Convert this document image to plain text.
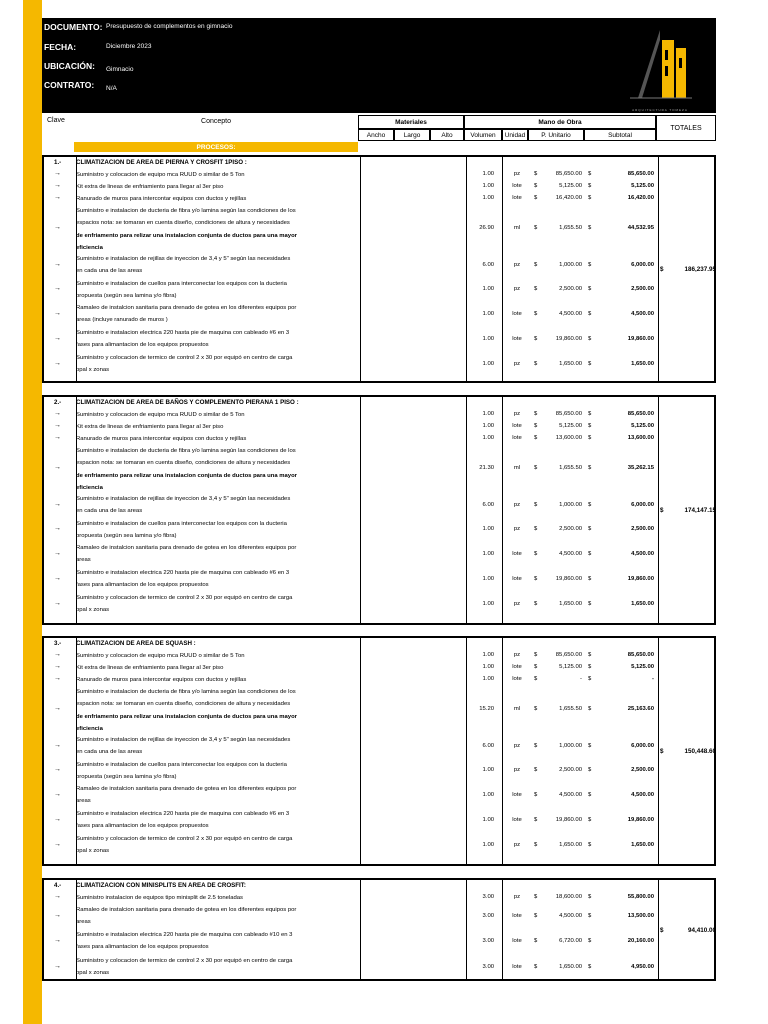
DOCUMENTO: Presupuesto de complementos en gimnacio
FECHA:	Diciembre 2023
UBICACIÓN: Gimnacio
CONTRATO: N/A
ARQUITECTURA TOMEZA
Clave	Concepto	Materiales
Ancho	Largo	Alto
Mano de Obra
Volumen	Unidad	P. Unitario	Subtotal
TOTALES
PROCESOS:
1.- CLIMATIZACION DE AREA DE PIERNA Y CROSFIT 1PISO :
→	Suministro y colocacion de equipo mca RUUD o similar de 5 Ton	1.00	pz	$	85,650.00 $	85,650.00
→	Kit extra de lineas de enfriamiento para llegar al 3er piso	1.00	lote	$	5,125.00 $	5,125.00
→	Ranurado de muros para intercontar equipos con ductos y rejillas	1.00	lote	$	16,420.00 $	16,420.00
→
Suministro e instalacion de ducteria de fibra y/o lamina según las condiciones de los
espacios nota: se tomaran en cuenta diseño, condiciones de altura y necesidades
de enfriamento para relizar una instalacion conjunta de ductos para una mayor
eficiencia
26.90	ml	$	1,655.50 $	44,532.95
→
Suministro e instalacion de rejillas de inyeccion de 3,4 y 5" según las necesidades
en cada una de las areas
6.00	pz	$	1,000.00 $	6,000.00
→
Suministro e instalacion de cuellos para interconectar los equipos con la ducteria
propuesta (según sea lamina y/o fibra)
1.00	pz	$	2,500.00 $	2,500.00
→
Ramaleo de instalcion sanitaria para drenado de gotea en los diferentes equipos por
areas (incluye ranurado de muros )
1.00	lote	$	4,500.00 $	4,500.00
→
Suministro e instalacion electrica 220 hasta pie de maquina con cableado #6 en 3
fases para alimantacion de los equipos propuestos
1.00	lote	$	19,860.00 $	19,860.00
→
Suministro y colocacion de termico de control 2 x 30 por equipó en centro de carga
ppal x zonas
1.00	pz	$	1,650.00 $	1,650.00
$	186,237.95
2.- CLIMATIZACION DE AREA DE BAÑOS Y COMPLEMENTO PIERANA 1 PISO :
→	Suministro y colocacion de equipo mca RUUD o similar de 5 Ton	1.00	pz	$	85,650.00 $	85,650.00
→	Kit extra de lineas de enfriamiento para llegar al 3er piso	1.00	lote	$	5,125.00 $	5,125.00
→	Ranurado de muros para intercontar equipos con ductos y rejillas	1.00	lote	$	13,600.00 $	13,600.00
→
Suministro e instalacion de ducteria de fibra y/o lamina según las condiciones de los
espacion nota: se tomaran en cuenta diseño, condiciones de altura y necesidades
de enfriamento para relizar una instalacion conjunta de ductos para una mayor
eficiencia
21.30	ml	$	1,655.50 $	35,262.15
→
Suministro e instalacion de rejillas de inyeccion de 3,4 y 5" según las necesidades
en cada una de las areas
6.00	pz	$	1,000.00 $	6,000.00
→
Suministro e instalacion de cuellos para interconectar los equipos con la ducteria
propuesta (según sea lamina y/o fibra)
1.00	pz	$	2,500.00 $	2,500.00
→
Ramaleo de instalcion sanitaria para drenado de gotea en los diferentes equipos por
areas
1.00	lote	$	4,500.00 $	4,500.00
→
Suministro e instalacion electrica 220 hasta pie de maquina con cableado #6 en 3
fases para alimantacion de los equipos propuestos
1.00	lote	$	19,860.00 $	19,860.00
→
Suministro y colocacion de termico de control 2 x 30 por equipó en centro de carga
ppal x zonas
1.00	pz	$	1,650.00 $	1,650.00
$	174,147.15
3.- CLIMATIZACION DE AREA DE SQUASH :
→	Suministro y colocacion de equipo mca RUUD o similar de 5 Ton	1.00	pz	$	85,650.00 $	85,650.00
→	Kit extra de lineas de enfriamiento para llegar al 3er piso	1.00	lote	$	5,125.00 $	5,125.00
→	Ranurado de muros para intercontar equipos con ductos y rejillas	1.00	lote	$	- $	-
→
Suministro e instalacion de ducteria de fibra y/o lamina según las condiciones de los
espacion nota: se tomaran en cuenta diseño, condiciones de altura y necesidades
de enfriamento para relizar una instalacion conjunta de ductos para una mayor
eficiencia
15.20	ml	$	1,655.50 $	25,163.60
→
Suministro e instalacion de rejillas de inyeccion de 3,4 y 5" según las necesidades
en cada una de las areas
6.00	pz	$	1,000.00 $	6,000.00
→
Suministro e instalacion de cuellos para interconectar los equipos con la ducteria
propuesta (según sea lamina y/o fibra)
1.00	pz	$	2,500.00 $	2,500.00
→
Ramaleo de instalcion sanitaria para drenado de gotea en los diferentes equipos por
areas
1.00	lote	$	4,500.00 $	4,500.00
→
Suministro e instalacion electrica 220 hasta pie de maquina con cableado #6 en 3
fases para alimantacion de los equipos propuestos
1.00	lote	$	19,860.00 $	19,860.00
→
Suministro y colocacion de termico de control 2 x 30 por equipó en centro de carga
ppal x zonas
1.00	pz	$	1,650.00 $	1,650.00
$	150,448.60
4.- CLIMATIZACION CON MINISPLITS EN AREA DE CROSFIT:
→	Suministro instalacion de equipos tipo minisplit de 2.5 toneladas	3.00	pz	$	18,600.00 $	55,800.00
→
Ramaleo de instalcion sanitaria para drenado de gotea en los diferentes equipos por
areas
3.00	lote	$	4,500.00 $	13,500.00
→
Suministro e instalacion electrica 220 hasta pie de maquina con cableado #10 en 3
fases para alimantacion de los equipos propuestos
3.00	lote	$	6,720.00 $	20,160.00
→
Suministro y colocacion de termico de control 2 x 30 por equipó en centro de carga
ppal x zonas
3.00	lote	$	1,650.00 $	4,950.00
$	94,410.00
